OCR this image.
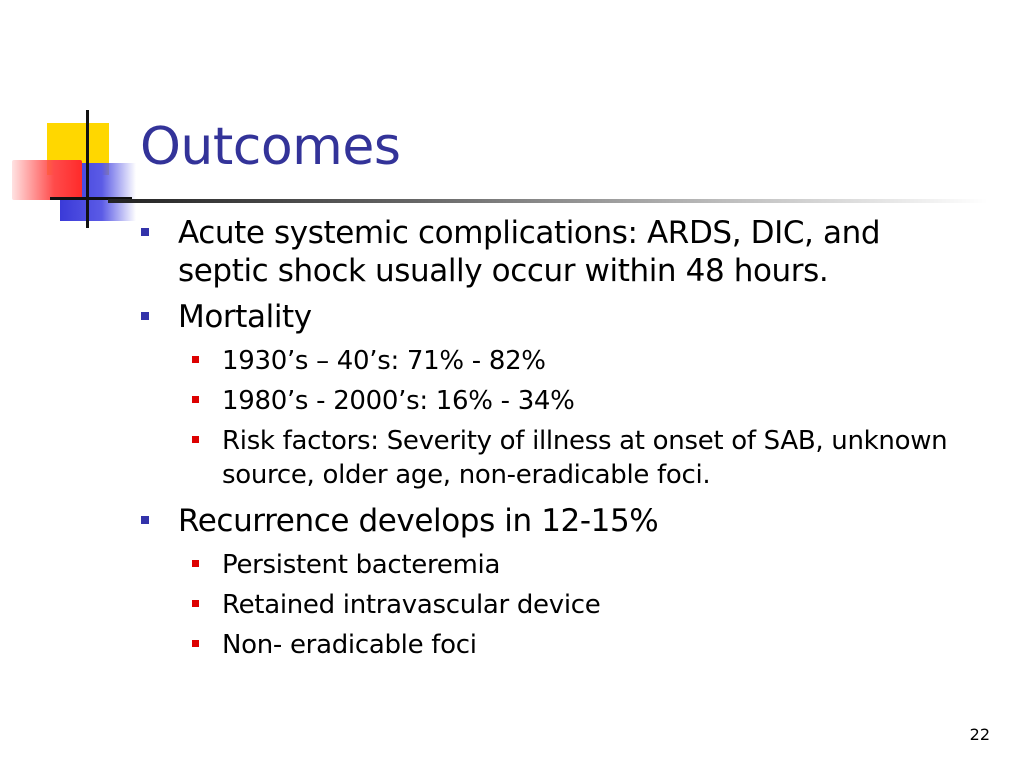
Outcomes
Acute systemic complications: ARDS, DIC, and septic shock usually occur within 48 hours.
Mortality
1930’s – 40’s: 71% - 82%
1980’s - 2000’s: 16% - 34%
Risk factors: Severity of illness at onset of SAB, unknown source, older age, non-eradicable foci.
Recurrence develops in 12-15%
Persistent bacteremia
Retained intravascular device
Non- eradicable foci
22
